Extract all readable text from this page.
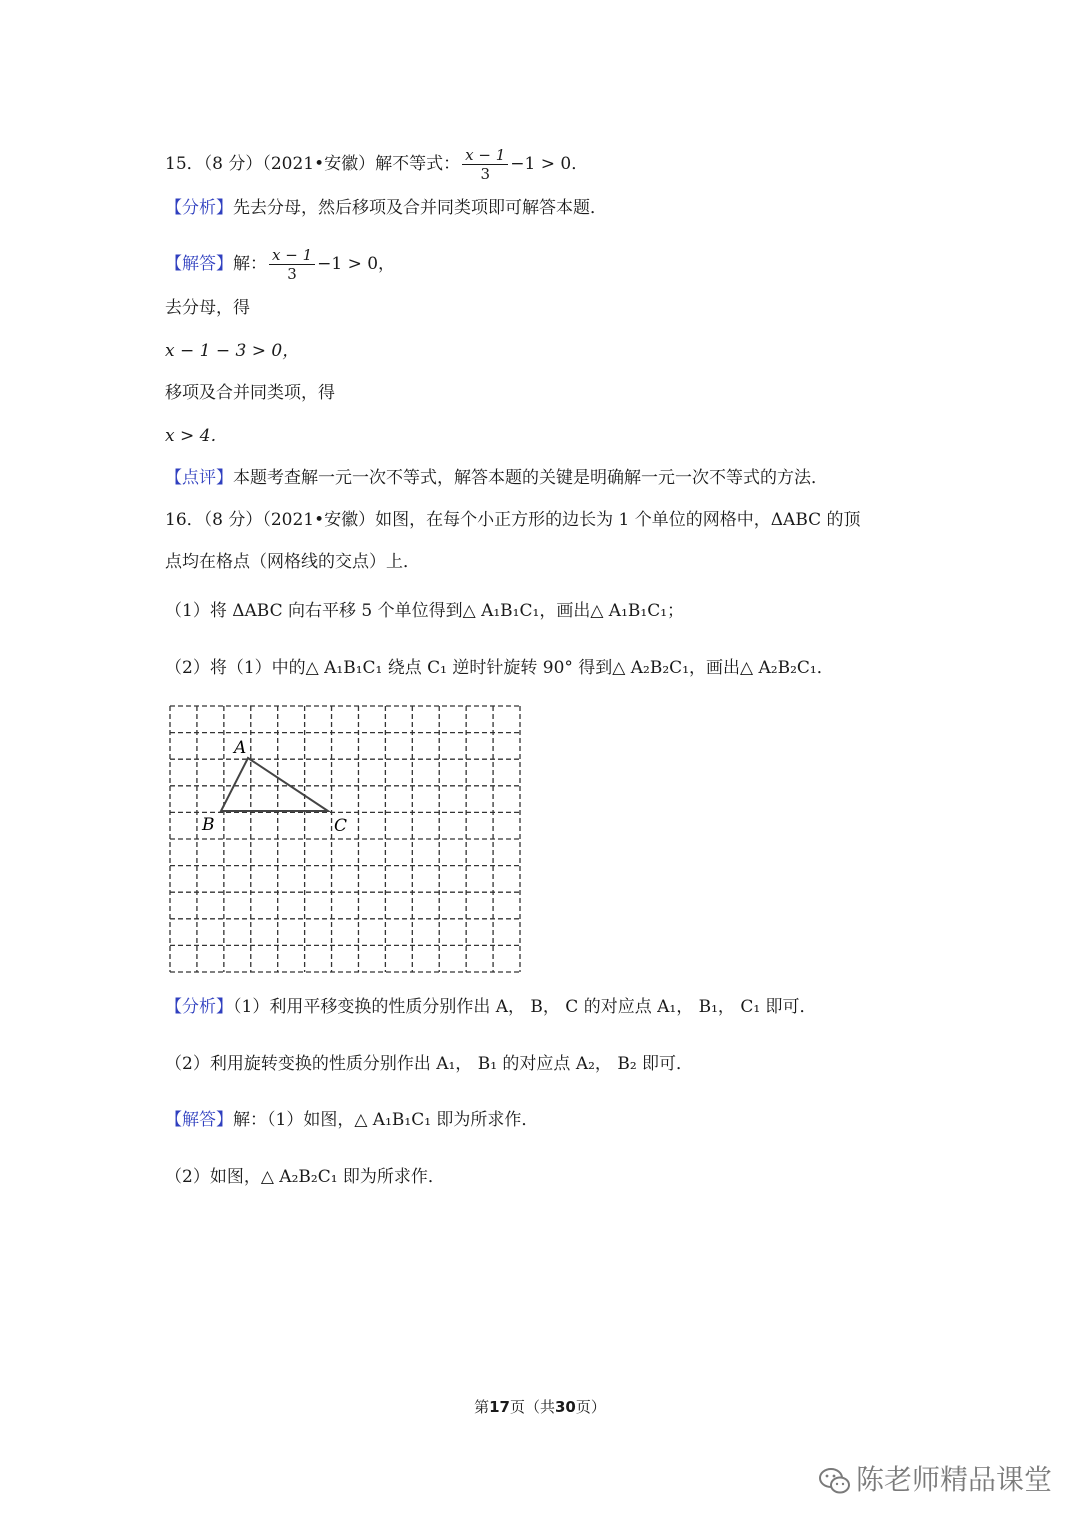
15．（8 分）（2021•安徽）解不等式： $\frac{x - 1}{3} -1 > 0$．
【分析】先去分母，然后移项及合并同类项即可解答本题．
【解答】解： $\frac{x - 1}{3} -1 > 0$，
去分母，得
x − 1 − 3 > 0，
移项及合并同类项，得
x > 4．
【点评】本题考查解一元一次不等式，解答本题的关键是明确解一元一次不等式的方法．
16．（8 分）（2021•安徽）如图，在每个小正方形的边长为 1 个单位的网格中，ΔABC 的顶
点均在格点（网格线的交点）上．
（1）将 ΔABC 向右平移 5 个单位得到△ A₁B₁C₁，画出△ A₁B₁C₁；
（2）将（1）中的△ A₁B₁C₁ 绕点 C₁ 逆时针旋转 90° 得到△ A₂B₂C₁，画出△ A₂B₂C₁．
A
B	C
【分析】（1）利用平移变换的性质分别作出 A， B， C 的对应点 A₁， B₁， C₁ 即可．
（2）利用旋转变换的性质分别作出 A₁， B₁ 的对应点 A₂， B₂ 即可．
【解答】解：（1）如图，△ A₁B₁C₁ 即为所求作．
（2）如图，△ A₂B₂C₁ 即为所求作．
第17页（共30页）
陈老师精品课堂
